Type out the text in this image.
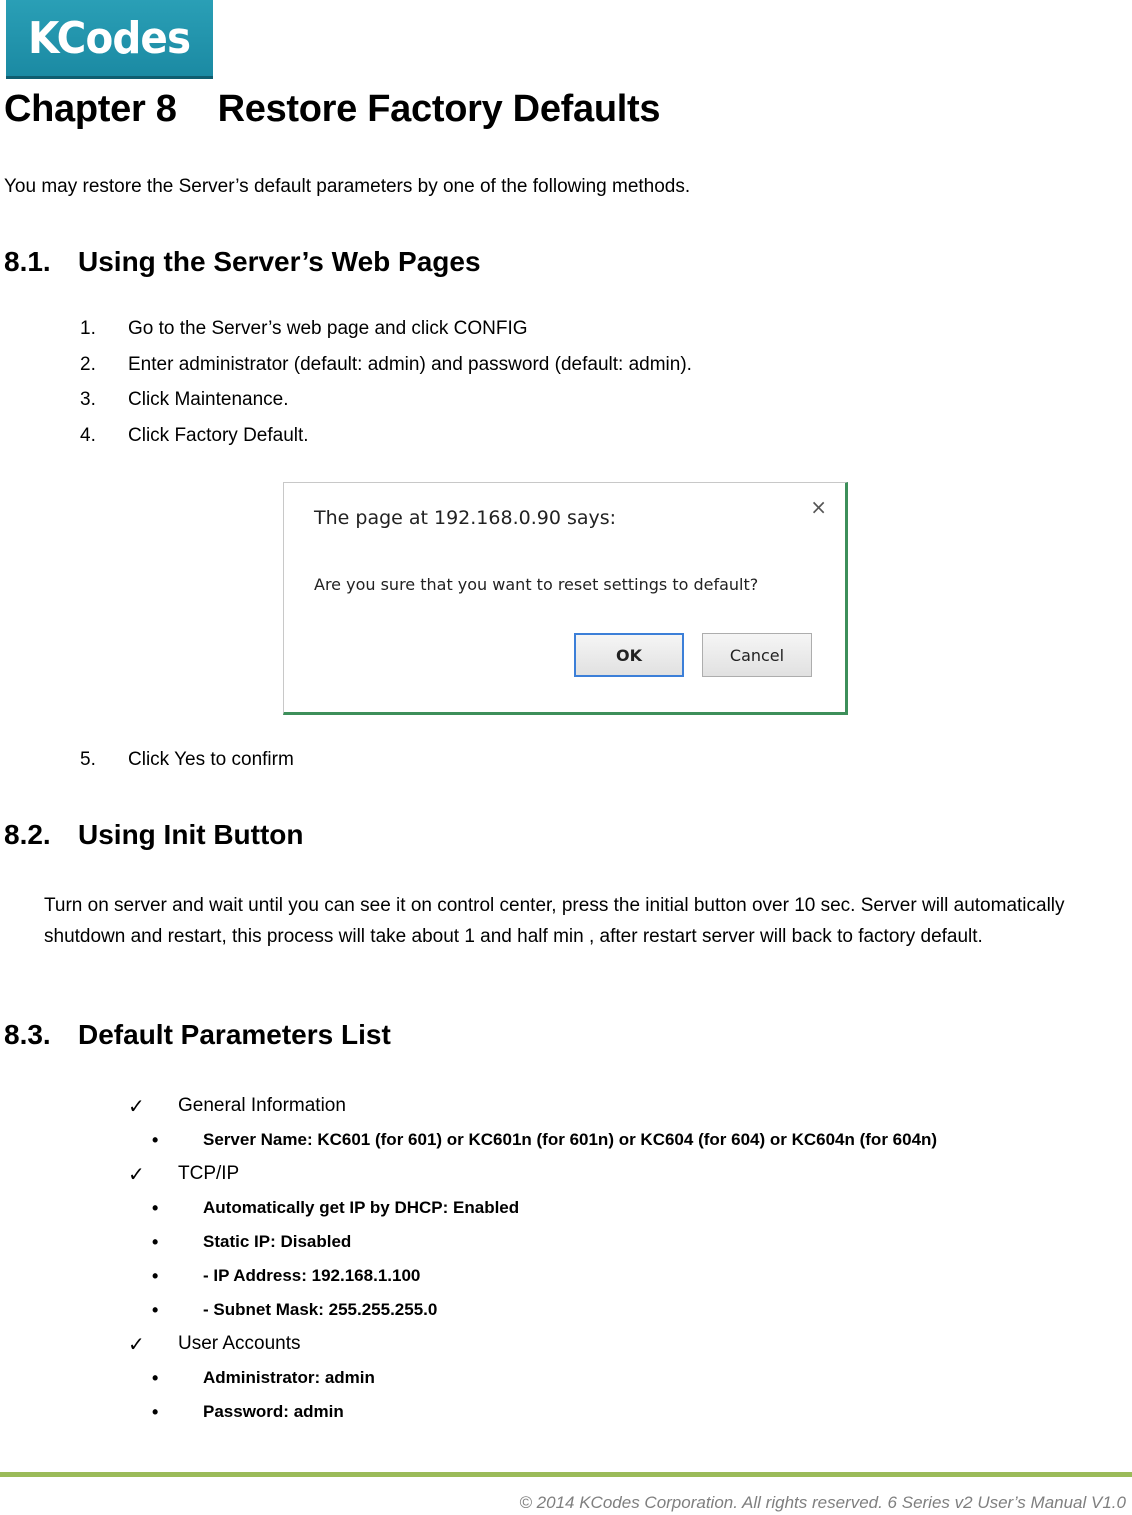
KCodes
Chapter 8    Restore Factory Defaults

You may restore the Server’s default parameters by one of the following methods.

8.1. Using the Server’s Web Pages
1.	Go to the Server’s web page and click CONFIG
2.	Enter administrator (default: admin) and password (default: admin).
3.	Click Maintenance.
4.	Click Factory Default.
The page at 192.168.0.90 says:	×
Are you sure that you want to reset settings to default?
OK	Cancel
5.	Click Yes to confirm
8.2. Using Init Button

Turn on server and wait until you can see it on control center, press the initial button over 10 sec. Server will automatically shutdown and restart, this process will take about 1 and half min , after restart server will back to factory default.

8.3. Default Parameters List
✓	General Information
•	Server Name: KC601 (for 601) or KC601n (for 601n) or KC604 (for 604) or KC604n (for 604n)
✓	TCP/IP
•	Automatically get IP by DHCP: Enabled
•	Static IP: Disabled
•	- IP Address: 192.168.1.100
•	- Subnet Mask: 255.255.255.0
✓	User Accounts
•	Administrator: admin
•	Password: admin
© 2014 KCodes Corporation. All rights reserved. 6 Series v2 User’s Manual V1.0
